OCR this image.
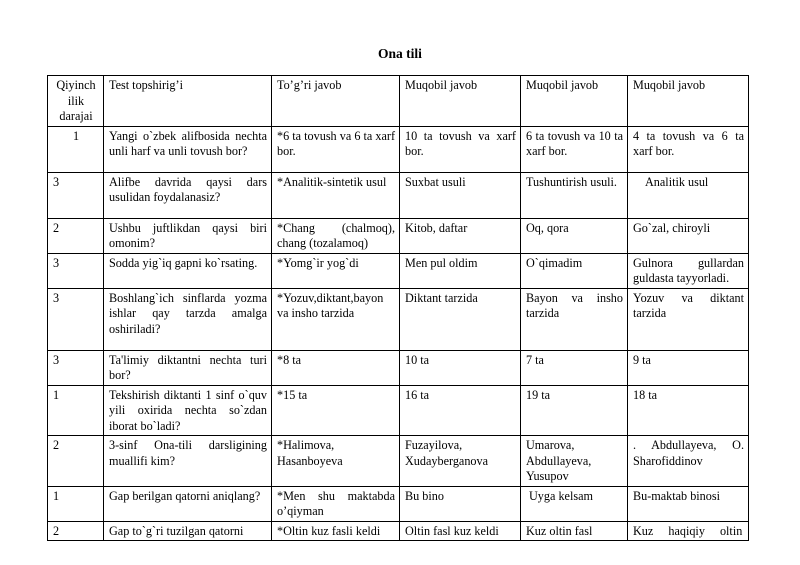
Ona tili
Qiyinch ilik darajai	Test topshirig’i	To’g’ri javob	Muqobil javob	Muqobil javob	Muqobil javob
1	Yangi o`zbek alifbosida nechta unli harf va unli tovush bor?	*6 ta tovush va 6 ta xarf bor.	10 ta tovush va xarf bor.	6 ta tovush va 10 ta xarf bor.	4 ta tovush va 6 ta xarf bor.
3	Alifbe davrida qaysi dars usulidan foydalanasiz?	*Analitik-sintetik usul	Suxbat usuli	Tushuntirish usuli.	Analitik usul
2	Ushbu juftlikdan qaysi biri omonim?	*Chang (chalmoq), chang (tozalamoq)	Kitob, daftar	Oq, qora	Go`zal, chiroyli
3	Sodda yig`iq gapni ko`rsating.	*Yomg`ir yog`di	Men pul oldim	O`qimadim	Gulnora gullardan guldasta tayyorladi.
3	Boshlang`ich sinflarda yozma ishlar qay tarzda amalga oshiriladi?	*Yozuv,diktant,bayon va insho tarzida	Diktant tarzida	Bayon va insho tarzida	Yozuv va diktant tarzida
3	Ta'limiy diktantni nechta turi bor?	*8 ta	10 ta	7 ta	9 ta
1	Tekshirish diktanti 1 sinf o`quv yili oxirida nechta so`zdan iborat bo`ladi?	*15 ta	16 ta	19 ta	18 ta
2	3-sinf Ona-tili darsligining muallifi kim?	*Halimova, Hasanboyeva	Fuzayilova, Xudayberganova	Umarova, Abdullayeva, Yusupov	. Abdullayeva, O. Sharofiddinov
1	Gap berilgan qatorni aniqlang?	*Men shu maktabda o’qiyman	Bu bino	Uyga kelsam	Bu-maktab binosi
2	Gap to`g`ri tuzilgan qatorni	*Oltin kuz fasli keldi	Oltin fasl kuz keldi	Kuz oltin fasl	Kuz haqiqiy oltin
